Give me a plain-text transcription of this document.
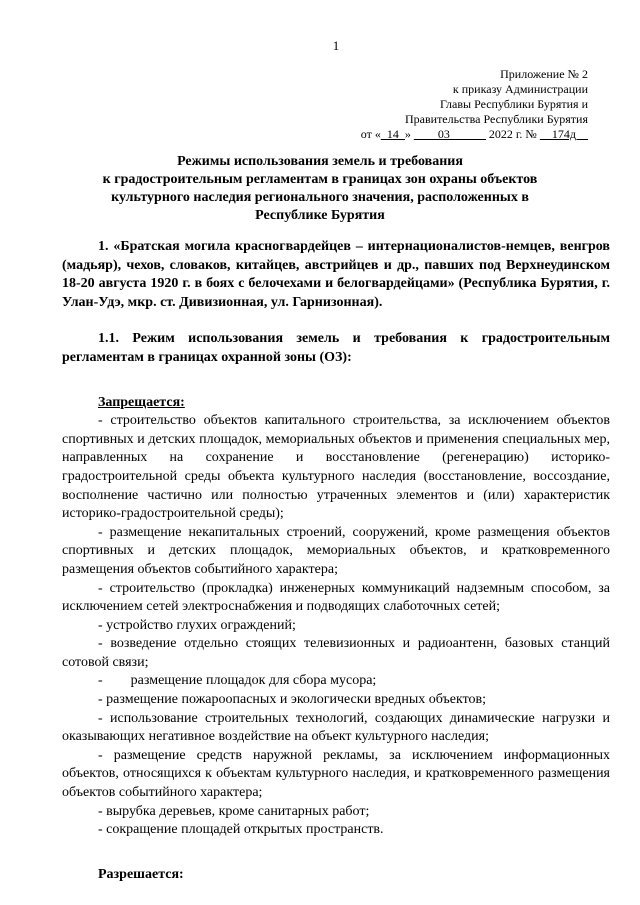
1
Приложение № 2
к приказу Администрации
Главы Республики Бурятия и
Правительства Республики Бурятия
от «_14_» ____03______ 2022 г. № __174д__
Режимы использования земель и требования
к градостроительным регламентам в границах зон охраны объектов
культурного наследия регионального значения, расположенных в
Республике Бурятия

1. «Братская могила красногвардейцев – интернационалистов-немцев, венгров (мадьяр), чехов, словаков, китайцев, австрийцев и др., павших под Верхнеудинском 18-20 августа 1920 г. в боях с белочехами и белогвардейцами» (Республика Бурятия, г. Улан-Удэ, мкр. ст. Дивизионная, ул. Гарнизонная).

1.1. Режим использования земель и требования к градостроительным регламентам в границах охранной зоны (ОЗ):

Запрещается:

- строительство объектов капитального строительства, за исключением объектов спортивных и детских площадок, мемориальных объектов и применения специальных мер, направленных на сохранение и восстановление (регенерацию) историко-градостроительной среды объекта культурного наследия (восстановление, воссоздание, восполнение частично или полностью утраченных элементов и (или) характеристик историко-градостроительной среды);

- размещение некапитальных строений, сооружений, кроме размещения объектов спортивных и детских площадок, мемориальных объектов, и кратковременного размещения объектов событийного характера;

- строительство (прокладка) инженерных коммуникаций надземным способом, за исключением сетей электроснабжения и подводящих слаботочных сетей;

- устройство глухих ограждений;

- возведение отдельно стоящих телевизионных и радиоантенн, базовых станций сотовой связи;

-        размещение площадок для сбора мусора;

- размещение пожароопасных и экологически вредных объектов;

- использование строительных технологий, создающих динамические нагрузки и оказывающих негативное воздействие на объект культурного наследия;

- размещение средств наружной рекламы, за исключением информационных объектов, относящихся к объектам культурного наследия, и кратковременного размещения объектов событийного характера;

- вырубка деревьев, кроме санитарных работ;

- сокращение площадей открытых пространств.

Разрешается:
